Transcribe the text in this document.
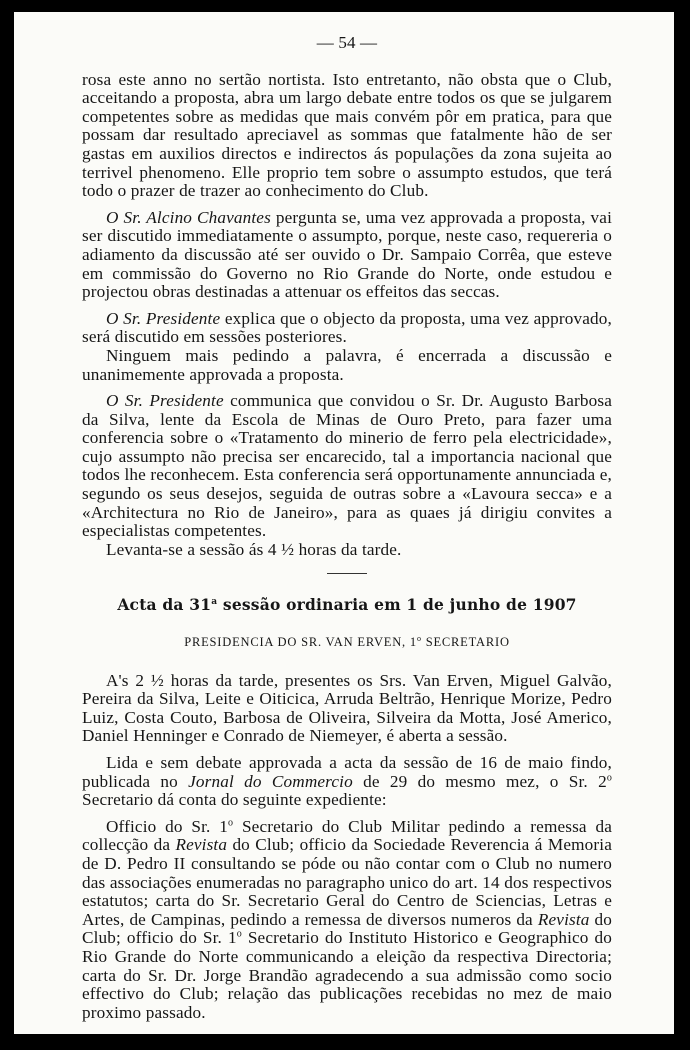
— 54 —

rosa este anno no sertão nortista. Isto entretanto, não obsta que o Club, acceitando a proposta, abra um largo debate entre todos os que se julgarem competentes sobre as medidas que mais convém pôr em pratica, para que possam dar resultado apreciavel as sommas que fatalmente hão de ser gastas em auxilios directos e indirectos ás populações da zona sujeita ao terrivel phenomeno. Elle proprio tem sobre o assumpto estudos, que terá todo o prazer de trazer ao conhecimento do Club.

O Sr. Alcino Chavantes pergunta se, uma vez approvada a proposta, vai ser discutido immediatamente o assumpto, porque, neste caso, requereria o adiamento da discussão até ser ouvido o Dr. Sampaio Corrêa, que esteve em commissão do Governo no Rio Grande do Norte, onde estudou e projectou obras destinadas a attenuar os effeitos das seccas.

O Sr. Presidente explica que o objecto da proposta, uma vez approvado, será discutido em sessões posteriores.

Ninguem mais pedindo a palavra, é encerrada a discussão e unanimemente approvada a proposta.

O Sr. Presidente communica que convidou o Sr. Dr. Augusto Barbosa da Silva, lente da Escola de Minas de Ouro Preto, para fazer uma conferencia sobre o «Tratamento do minerio de ferro pela electricidade», cujo assumpto não precisa ser encarecido, tal a importancia nacional que todos lhe reconhecem. Esta conferencia será opportunamente annunciada e, segundo os seus desejos, seguida de outras sobre a «Lavoura secca» e a «Architectura no Rio de Janeiro», para as quaes já dirigiu convites a especialistas competentes.

Levanta-se a sessão ás 4 ½ horas da tarde.

Acta da 31$^a$ sessão ordinaria em 1 de junho de 1907
PRESIDENCIA DO SR. VAN ERVEN, 1$^o$ SECRETARIO

A's 2 ½ horas da tarde, presentes os Srs. Van Erven, Miguel Galvão, Pereira da Silva, Leite e Oiticica, Arruda Beltrão, Henrique Morize, Pedro Luiz, Costa Couto, Barbosa de Oliveira, Silveira da Motta, José Americo, Daniel Henninger e Conrado de Niemeyer, é aberta a sessão.

Lida e sem debate approvada a acta da sessão de 16 de maio findo, publicada no Jornal do Commercio de 29 do mesmo mez, o Sr. 2$^o$ Secretario dá conta do seguinte expediente:

Officio do Sr. 1$^o$ Secretario do Club Militar pedindo a remessa da collecção da Revista do Club; officio da Sociedade Reverencia á Memoria de D. Pedro II consultando se póde ou não contar com o Club no numero das associações enumeradas no paragrapho unico do art. 14 dos respectivos estatutos; carta do Sr. Secretario Geral do Centro de Sciencias, Letras e Artes, de Campinas, pedindo a remessa de diversos numeros da Revista do Club; officio do Sr. 1$^o$ Secretario do Instituto Historico e Geographico do Rio Grande do Norte communicando a eleição da respectiva Directoria; carta do Sr. Dr. Jorge Brandão agradecendo a sua admissão como socio effectivo do Club; relação das publicações recebidas no mez de maio proximo passado.
